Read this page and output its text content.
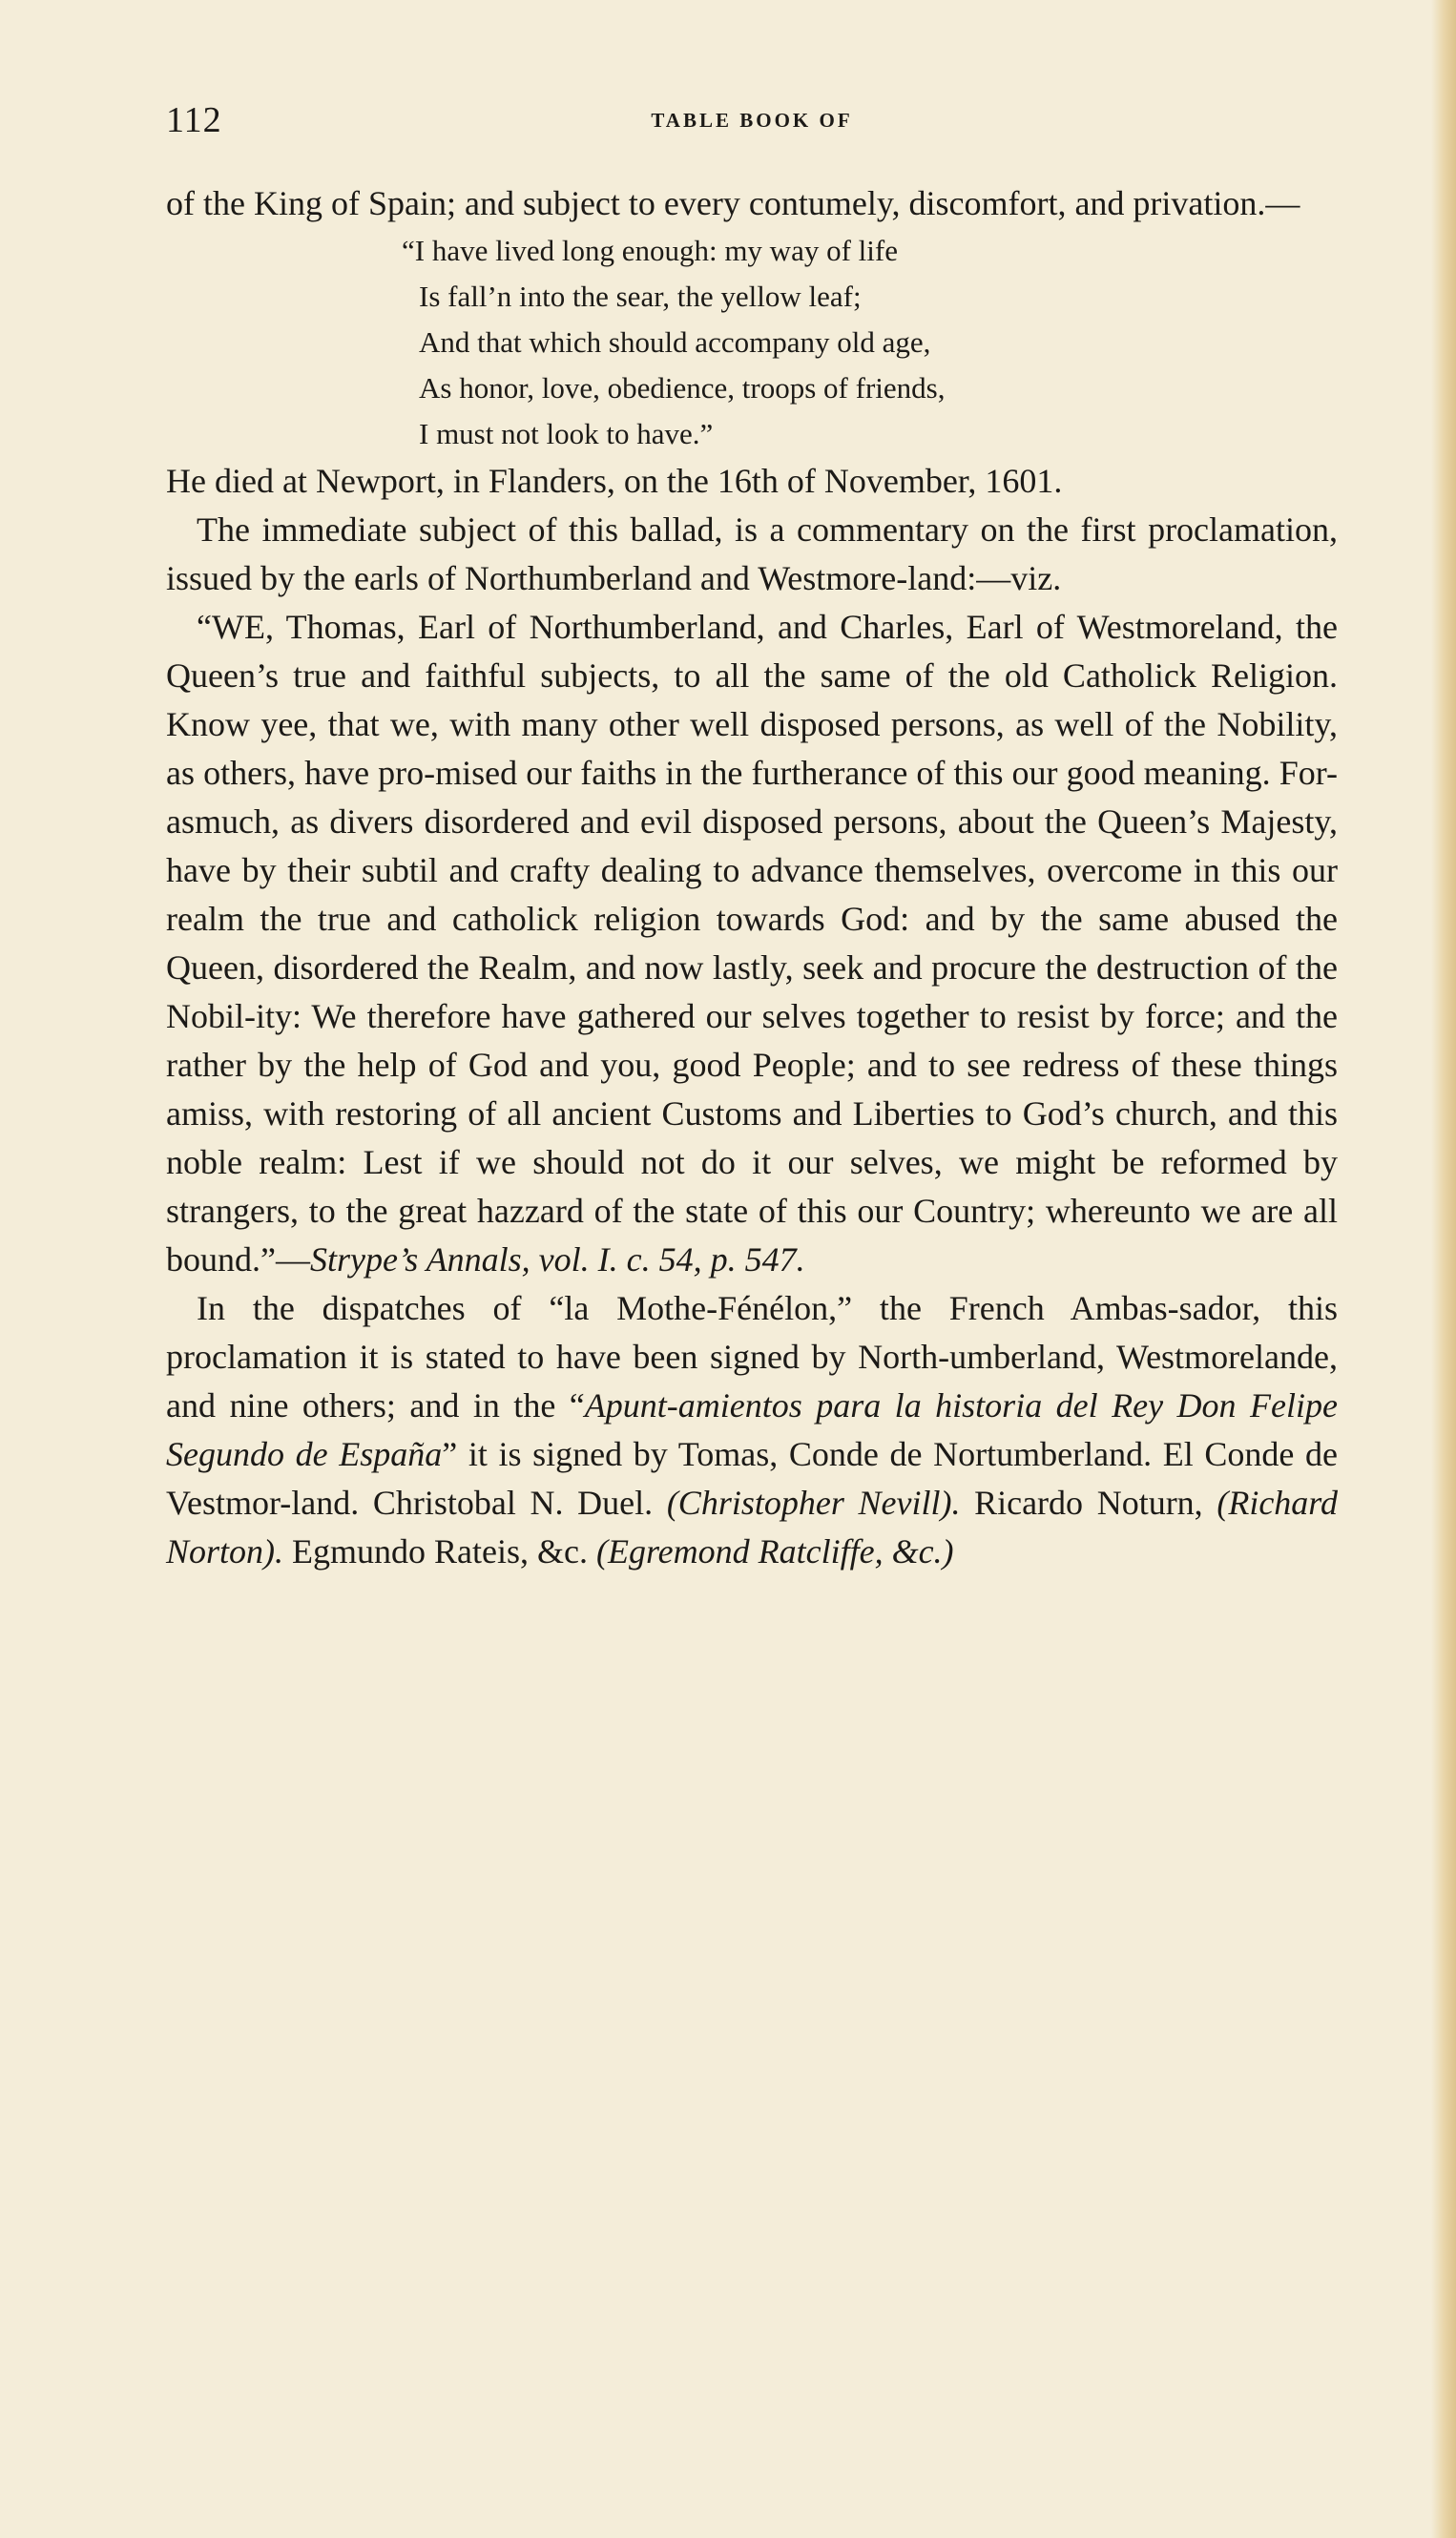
112	TABLE BOOK OF

of the King of Spain; and subject to every contumely, discomfort, and privation.—

“I have lived long enough: my way of life
Is fall’n into the sear, the yellow leaf;
And that which should accompany old age,
As honor, love, obedience, troops of friends,
I must not look to have.”

He died at Newport, in Flanders, on the 16th of November, 1601.

The immediate subject of this ballad, is a commentary on the first proclamation, issued by the earls of Northumberland and Westmore-land:—viz.

“WE, Thomas, Earl of Northumberland, and Charles, Earl of Westmoreland, the Queen’s true and faithful subjects, to all the same of the old Catholick Religion. Know yee, that we, with many other well disposed persons, as well of the Nobility, as others, have pro-mised our faiths in the furtherance of this our good meaning. For-asmuch, as divers disordered and evil disposed persons, about the Queen’s Majesty, have by their subtil and crafty dealing to advance themselves, overcome in this our realm the true and catholick religion towards God: and by the same abused the Queen, disordered the Realm, and now lastly, seek and procure the destruction of the Nobil-ity: We therefore have gathered our selves together to resist by force; and the rather by the help of God and you, good People; and to see redress of these things amiss, with restoring of all ancient Customs and Liberties to God’s church, and this noble realm: Lest if we should not do it our selves, we might be reformed by strangers, to the great hazzard of the state of this our Country; whereunto we are all bound.”—Strype’s Annals, vol. I. c. 54, p. 547.

In the dispatches of “la Mothe-Fénélon,” the French Ambas-sador, this proclamation it is stated to have been signed by North-umberland, Westmorelande, and nine others; and in the “Apunt-amientos para la historia del Rey Don Felipe Segundo de España” it is signed by Tomas, Conde de Nortumberland. El Conde de Vestmor-land. Christobal N. Duel. (Christopher Nevill). Ricardo Noturn, (Richard Norton). Egmundo Rateis, &c. (Egremond Ratcliffe, &c.)
